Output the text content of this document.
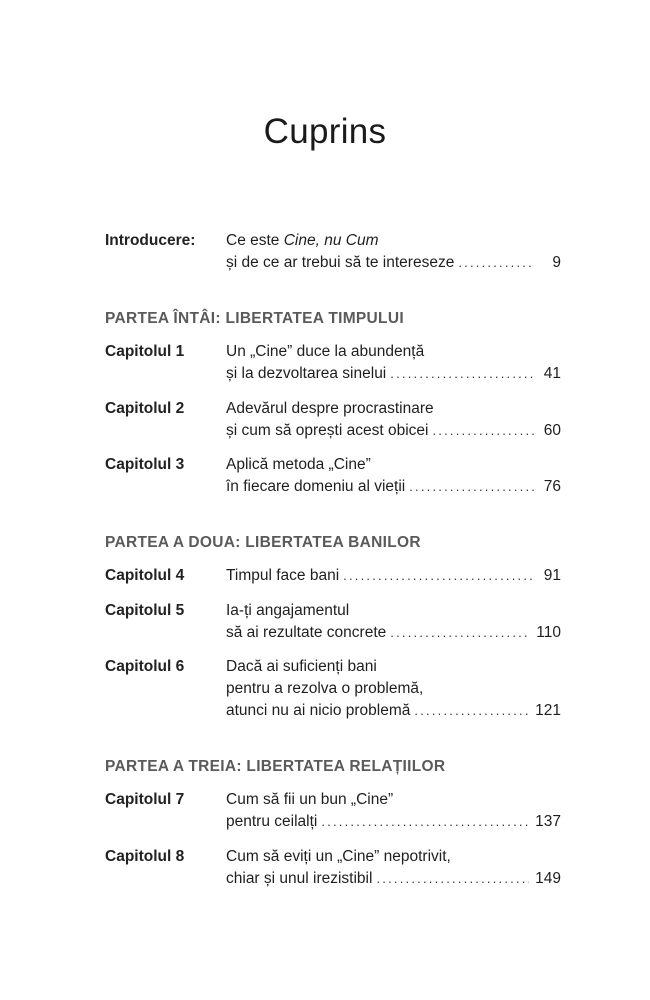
Cuprins
Introducere: Ce este Cine, nu Cum
și de ce ar trebui să te intereseze .....	9
PARTEA ÎNTÂI: LIBERTATEA TIMPULUI
Capitolul 1	Un „Cine” duce la abundență
și la dezvoltarea sinelui .....	41
Capitolul 2	Adevărul despre procrastinare
și cum să oprești acest obicei .....	60
Capitolul 3	Aplică metoda „Cine”
în fiecare domeniu al vieții .....	76
PARTEA A DOUA: LIBERTATEA BANILOR
Capitolul 4	Timpul face bani .....	91
Capitolul 5	Ia-ți angajamentul
să ai rezultate concrete .....	110
Capitolul 6	Dacă ai suficienți bani
pentru a rezolva o problemă,
atunci nu ai nicio problemă .....	121
PARTEA A TREIA: LIBERTATEA RELAȚIILOR
Capitolul 7	Cum să fii un bun „Cine”
pentru ceilalți .....	137
Capitolul 8	Cum să eviți un „Cine” nepotrivit,
chiar și unul irezistibil .....	149
